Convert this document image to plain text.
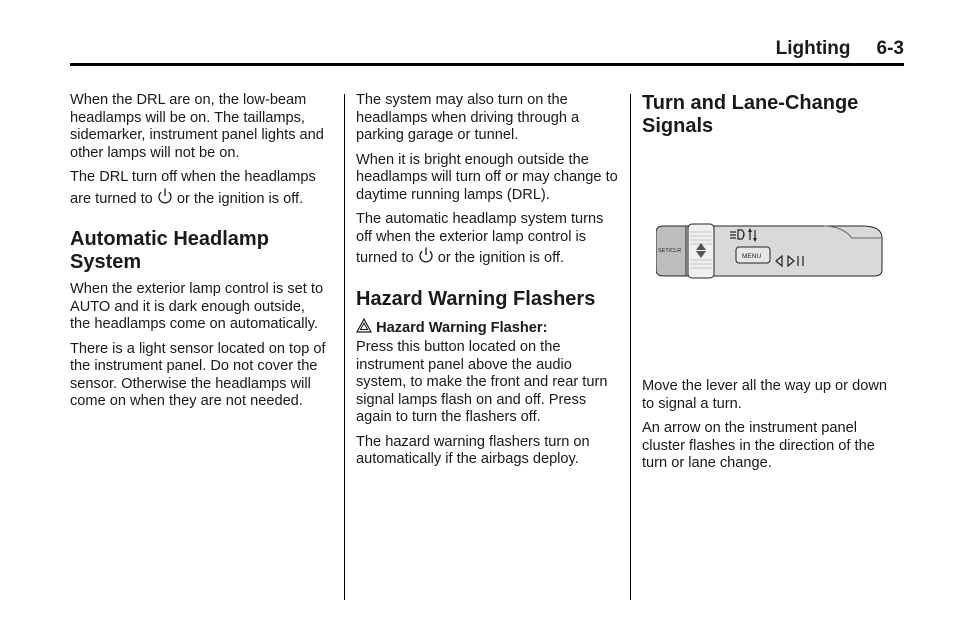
Lighting 6-3

When the DRL are on, the low-beam headlamps will be on. The taillamps, sidemarker, instrument panel lights and other lamps will not be on.

The DRL turn off when the headlamps are turned to  or the ignition is off.

Automatic Headlamp System

When the exterior lamp control is set to AUTO and it is dark enough outside, the headlamps come on automatically.

There is a light sensor located on top of the instrument panel. Do not cover the sensor. Otherwise the headlamps will come on when they are not needed.

The system may also turn on the headlamps when driving through a parking garage or tunnel.

When it is bright enough outside the headlamps will turn off or may change to daytime running lamps (DRL).

The automatic headlamp system turns off when the exterior lamp control is turned to  or the ignition is off.

Hazard Warning Flashers
Hazard Warning Flasher:

Press this button located on the instrument panel above the audio system, to make the front and rear turn signal lamps flash on and off. Press again to turn the flashers off.

The hazard warning flashers turn on automatically if the airbags deploy.

Turn and Lane-Change Signals
SET/CLR
MENU

Move the lever all the way up or down to signal a turn.

An arrow on the instrument panel cluster flashes in the direction of the turn or lane change.
